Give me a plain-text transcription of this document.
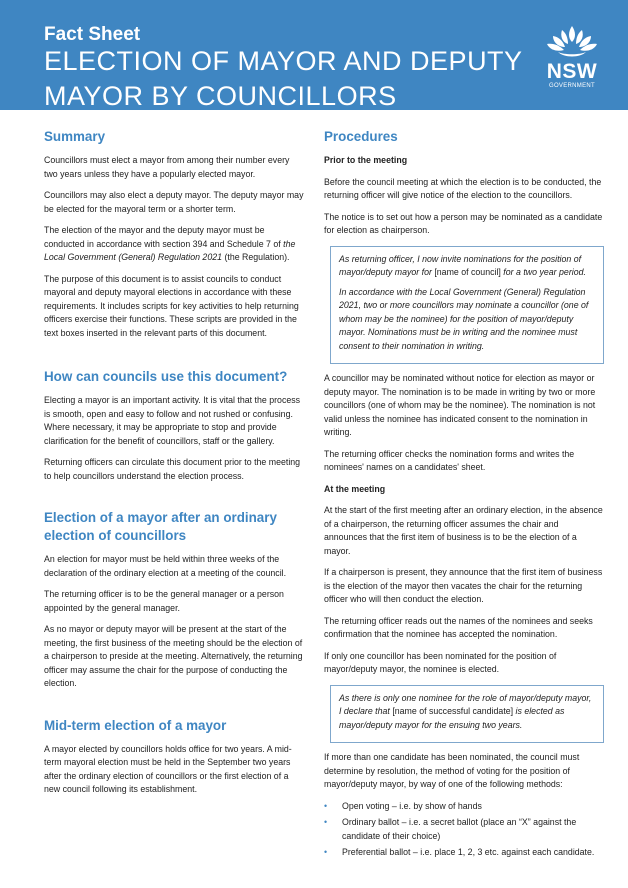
Fact Sheet
ELECTION OF MAYOR AND DEPUTY
MAYOR BY COUNCILLORS
NSW
GOVERNMENT
Summary

Councillors must elect a mayor from among their number every two years unless they have a popularly elected mayor.

Councillors may also elect a deputy mayor. The deputy mayor may be elected for the mayoral term or a shorter term.

The election of the mayor and the deputy mayor must be conducted in accordance with section 394 and Schedule 7 of the Local Government (General) Regulation 2021 (the Regulation).

The purpose of this document is to assist councils to conduct mayoral and deputy mayoral elections in accordance with these requirements. It includes scripts for key activities to help returning officers exercise their functions. These scripts are provided in the text boxes inserted in the relevant parts of this document.

How can councils use this document?

Electing a mayor is an important activity. It is vital that the process is smooth, open and easy to follow and not rushed or confusing. Where necessary, it may be appropriate to stop and provide clarification for the benefit of councillors, staff or the gallery.

Returning officers can circulate this document prior to the meeting to help councillors understand the election process.

Election of a mayor after an ordinary election of councillors

An election for mayor must be held within three weeks of the declaration of the ordinary election at a meeting of the council.

The returning officer is to be the general manager or a person appointed by the general manager.

As no mayor or deputy mayor will be present at the start of the meeting, the first business of the meeting should be the election of a chairperson to preside at the meeting. Alternatively, the returning officer may assume the chair for the purpose of conducting the election.

Mid-term election of a mayor

A mayor elected by councillors holds office for two years. A mid-term mayoral election must be held in the September two years after the ordinary election of councillors or the first election of a new council following its establishment.

Procedures
Prior to the meeting

Before the council meeting at which the election is to be conducted, the returning officer will give notice of the election to the councillors.

The notice is to set out how a person may be nominated as a candidate for election as chairperson.

As returning officer, I now invite nominations for the position of mayor/deputy mayor for [name of council] for a two year period.

In accordance with the Local Government (General) Regulation 2021, two or more councillors may nominate a councillor (one of whom may be the nominee) for the position of mayor/deputy mayor. Nominations must be in writing and the nominee must consent to their nomination in writing.

A councillor may be nominated without notice for election as mayor or deputy mayor. The nomination is to be made in writing by two or more councillors (one of whom may be the nominee). The nomination is not valid unless the nominee has indicated consent to the nomination in writing.

The returning officer checks the nomination forms and writes the nominees' names on a candidates' sheet.

At the meeting

At the start of the first meeting after an ordinary election, in the absence of a chairperson, the returning officer assumes the chair and announces that the first item of business is to be the election of a mayor.

If a chairperson is present, they announce that the first item of business is the election of the mayor then vacates the chair for the returning officer who will then conduct the election.

The returning officer reads out the names of the nominees and seeks confirmation that the nominee has accepted the nomination.

If only one councillor has been nominated for the position of mayor/deputy mayor, the nominee is elected.

As there is only one nominee for the role of mayor/deputy mayor, I declare that [name of successful candidate] is elected as mayor/deputy mayor for the ensuing two years.

If more than one candidate has been nominated, the council must determine by resolution, the method of voting for the position of mayor/deputy mayor, by way of one of the following methods:

• Open voting – i.e. by show of hands
• Ordinary ballot – i.e. a secret ballot (place an “X” against the candidate of their choice)
• Preferential ballot – i.e. place 1, 2, 3 etc. against each candidate.
